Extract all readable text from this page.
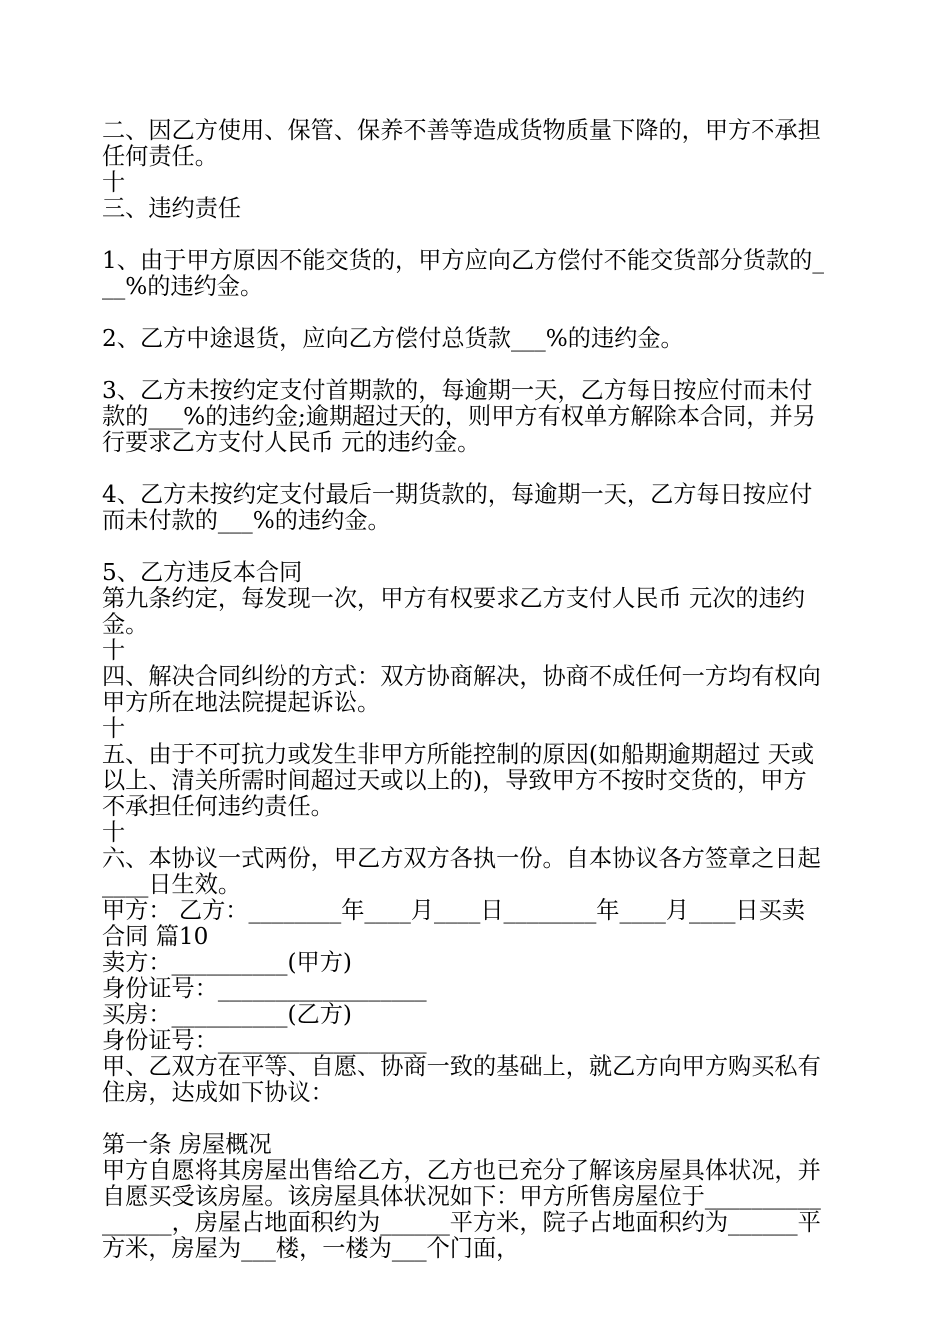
二、因乙方使用、保管、保养不善等造成货物质量下降的，甲方不承担
任何责任。
十
三、违约责任
1、由于甲方原因不能交货的，甲方应向乙方偿付不能交货部分货款的_
__%的违约金。
2、乙方中途退货，应向乙方偿付总货款___%的违约金。
3、乙方未按约定支付首期款的，每逾期一天，乙方每日按应付而未付
款的___%的违约金;逾期超过天的，则甲方有权单方解除本合同，并另
行要求乙方支付人民币 元的违约金。
4、乙方未按约定支付最后一期货款的，每逾期一天，乙方每日按应付
而未付款的___%的违约金。
5、乙方违反本合同
第九条约定，每发现一次，甲方有权要求乙方支付人民币 元次的违约
金。
十
四、解决合同纠纷的方式：双方协商解决，协商不成任何一方均有权向
甲方所在地法院提起诉讼。
十
五、由于不可抗力或发生非甲方所能控制的原因(如船期逾期超过 天或
以上、清关所需时间超过天或以上的)，导致甲方不按时交货的，甲方
不承担任何违约责任。
十
六、本协议一式两份，甲乙方双方各执一份。自本协议各方签章之日起
____日生效。
甲方： 乙方：________年____月____日________年____月____日买卖
合同 篇10
卖方：__________(甲方)
身份证号：__________________
买房：__________(乙方)
身份证号：__________________
甲、乙双方在平等、自愿、协商一致的基础上，就乙方向甲方购买私有
住房，达成如下协议：
第一条 房屋概况
甲方自愿将其房屋出售给乙方，乙方也已充分了解该房屋具体状况，并
自愿买受该房屋。该房屋具体状况如下：甲方所售房屋位于__________
______，房屋占地面积约为______平方米，院子占地面积约为______平
方米，房屋为___楼，一楼为___个门面，
